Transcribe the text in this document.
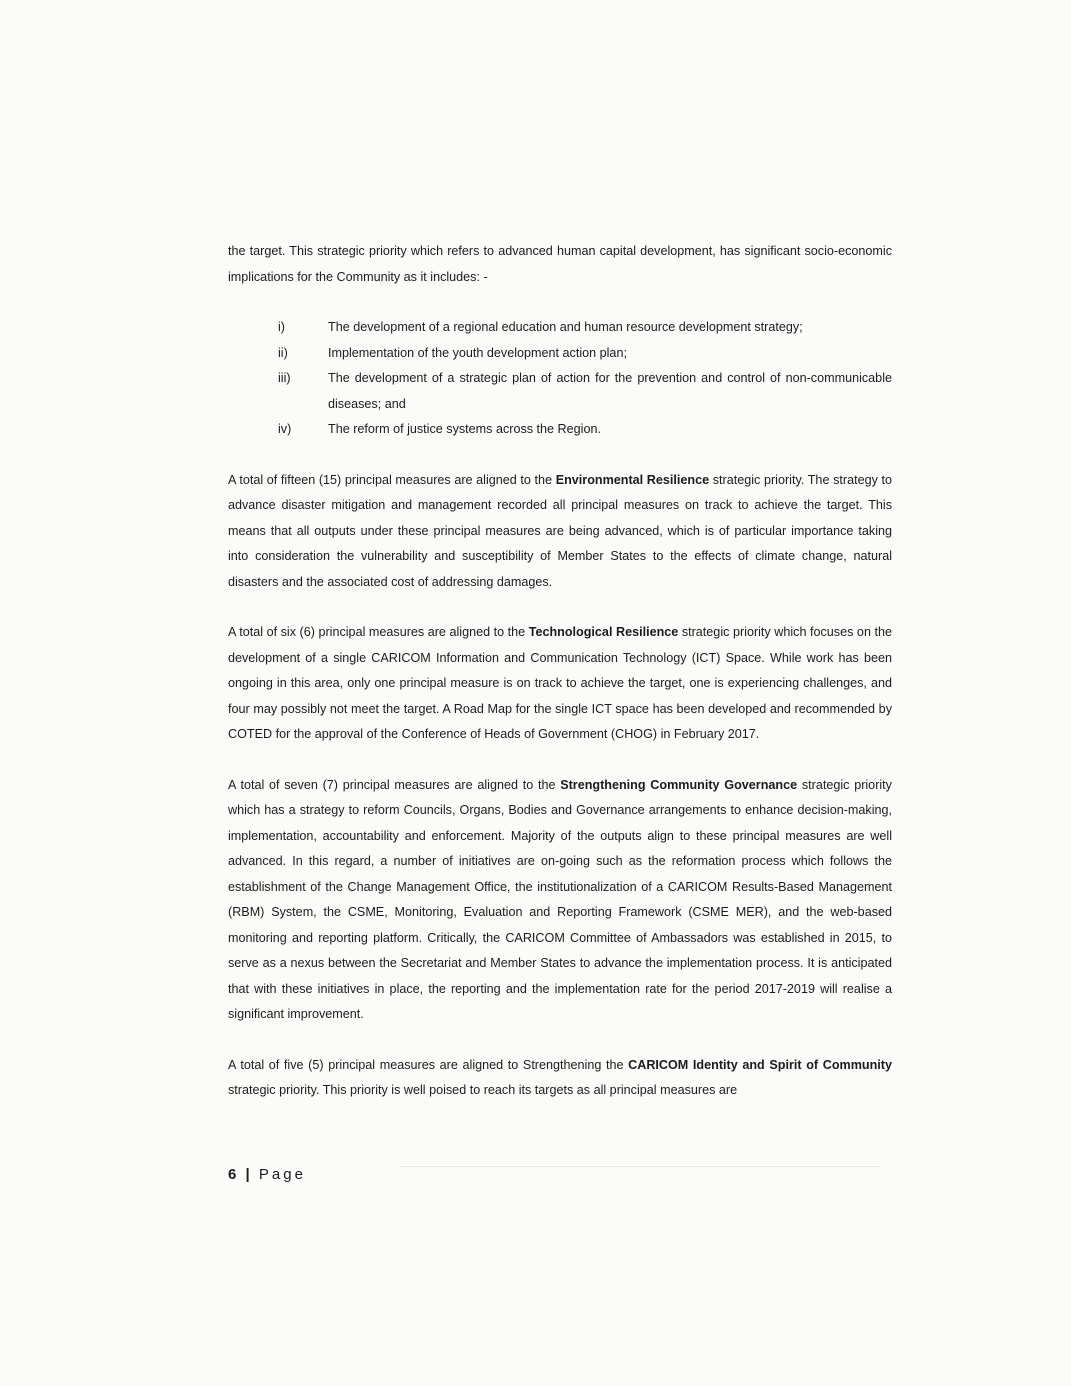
the target. This strategic priority which refers to advanced human capital development, has significant socio-economic implications for the Community as it includes: -

i)	The development of a regional education and human resource development strategy;
ii)	Implementation of the youth development action plan;
iii)	The development of a strategic plan of action for the prevention and control of non-communicable diseases; and
iv)	The reform of justice systems across the Region.

A total of fifteen (15) principal measures are aligned to the Environmental Resilience strategic priority. The strategy to advance disaster mitigation and management recorded all principal measures on track to achieve the target. This means that all outputs under these principal measures are being advanced, which is of particular importance taking into consideration the vulnerability and susceptibility of Member States to the effects of climate change, natural disasters and the associated cost of addressing damages.

A total of six (6) principal measures are aligned to the Technological Resilience strategic priority which focuses on the development of a single CARICOM Information and Communication Technology (ICT) Space. While work has been ongoing in this area, only one principal measure is on track to achieve the target, one is experiencing challenges, and four may possibly not meet the target. A Road Map for the single ICT space has been developed and recommended by COTED for the approval of the Conference of Heads of Government (CHOG) in February 2017.

A total of seven (7) principal measures are aligned to the Strengthening Community Governance strategic priority which has a strategy to reform Councils, Organs, Bodies and Governance arrangements to enhance decision-making, implementation, accountability and enforcement. Majority of the outputs align to these principal measures are well advanced. In this regard, a number of initiatives are on-going such as the reformation process which follows the establishment of the Change Management Office, the institutionalization of a CARICOM Results-Based Management (RBM) System, the CSME, Monitoring, Evaluation and Reporting Framework (CSME MER), and the web-based monitoring and reporting platform. Critically, the CARICOM Committee of Ambassadors was established in 2015, to serve as a nexus between the Secretariat and Member States to advance the implementation process. It is anticipated that with these initiatives in place, the reporting and the implementation rate for the period 2017-2019 will realise a significant improvement.

A total of five (5) principal measures are aligned to Strengthening the CARICOM Identity and Spirit of Community strategic priority. This priority is well poised to reach its targets as all principal measures are

6 | Page
